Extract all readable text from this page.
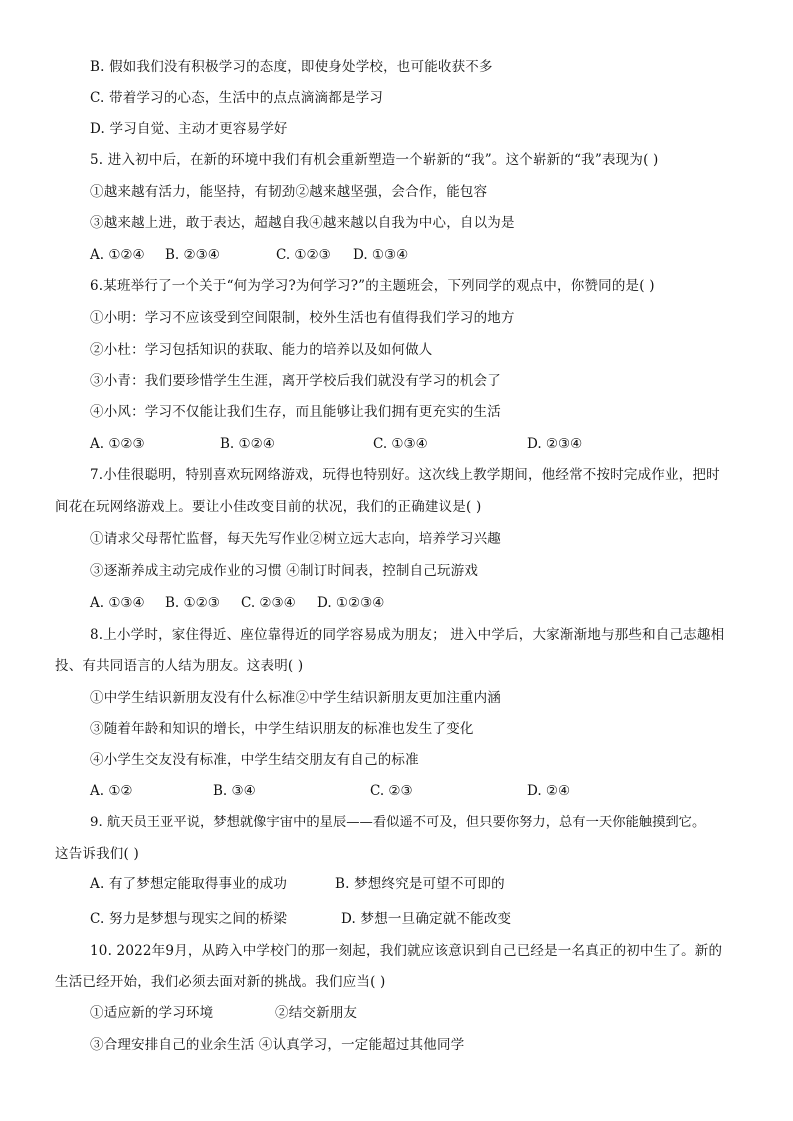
B. 假如我们没有积极学习的态度，即使身处学校，也可能收获不多
C. 带着学习的心态，生活中的点点滴滴都是学习
D. 学习自觉、主动才更容易学好
5. 进入初中后，在新的环境中我们有机会重新塑造一个崭新的“我”。这个崭新的“我”表现为( )
①越来越有活力，能坚持，有韧劲②越来越坚强，会合作，能包容
③越来越上进，敢于表达，超越自我④越来越以自我为中心，自以为是
A. ①②④ B. ②③④	C. ①②③ D. ①③④
6.某班举行了一个关于“何为学习?为何学习?”的主题班会，下列同学的观点中，你赞同的是( )
①小明：学习不应该受到空间限制，校外生活也有值得我们学习的地方
②小杜：学习包括知识的获取、能力的培养以及如何做人
③小青：我们要珍惜学生生涯，离开学校后我们就没有学习的机会了
④小风：学习不仅能让我们生存，而且能够让我们拥有更充实的生活
A. ①②③	B. ①②④	C. ①③④	D. ②③④
7.小佳很聪明，特别喜欢玩网络游戏，玩得也特别好。这次线上教学期间，他经常不按时完成作业，把时
间花在玩网络游戏上。要让小佳改变目前的状况，我们的正确建议是( )
①请求父母帮忙监督，每天先写作业②树立远大志向，培养学习兴趣
③逐渐养成主动完成作业的习惯 ④制订时间表，控制自己玩游戏
A. ①③④ B. ①②③ C. ②③④ D. ①②③④
8.上小学时，家住得近、座位靠得近的同学容易成为朋友； 进入中学后，大家渐渐地与那些和自己志趣相
投、有共同语言的人结为朋友。这表明( )
①中学生结识新朋友没有什么标准②中学生结识新朋友更加注重内涵
③随着年龄和知识的增长，中学生结识朋友的标准也发生了变化
④小学生交友没有标准，中学生结交朋友有自己的标准
A. ①②	B. ③④	C. ②③	D. ②④
9. 航天员王亚平说，梦想就像宇宙中的星辰——看似遥不可及，但只要你努力，总有一天你能触摸到它。
这告诉我们( )
A. 有了梦想定能取得事业的成功	B. 梦想终究是可望不可即的
C. 努力是梦想与现实之间的桥梁	D. 梦想一旦确定就不能改变
10. 2022年9月，从跨入中学校门的那一刻起，我们就应该意识到自己已经是一名真正的初中生了。新的
生活已经开始，我们必须去面对新的挑战。我们应当( )
①适应新的学习环境	②结交新朋友
③合理安排自己的业余生活 ④认真学习，一定能超过其他同学
